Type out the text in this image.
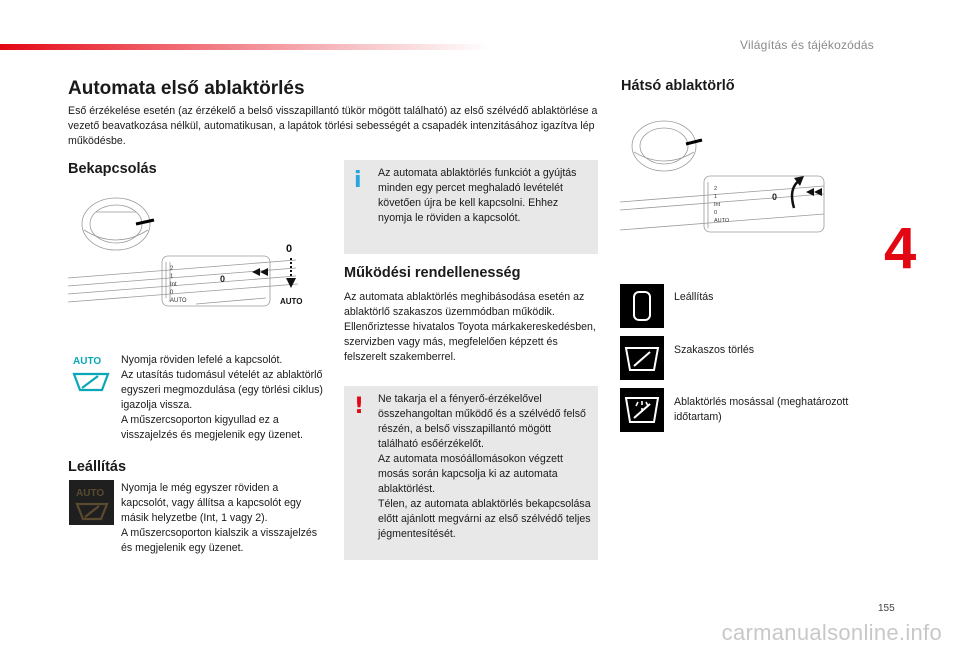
Világítás és tájékozódás
4
Automata első ablaktörlés
Eső érzékelése esetén (az érzékelő a belső visszapillantó tükör mögött található) az első szélvédő ablaktörlése a vezető beavatkozása nélkül, automatikusan, a lapátok törlési sebességét a csapadék intenzitásához igazítva lép működésbe.
Bekapcsolás
2
1
Int
0
AUTO
0
0
AUTO
AUTO Nyomja röviden lefelé a kapcsolót.
Az utasítás tudomásul vételét az ablaktörlő egyszeri megmozdulása (egy törlési ciklus) igazolja vissza.
A műszercsoporton kigyullad ez a visszajelzés és megjelenik egy üzenet.
Leállítás
AUTO Nyomja le még egyszer röviden a kapcsolót, vagy állítsa a kapcsolót egy másik helyzetbe (Int, 1 vagy 2).
A műszercsoporton kialszik a visszajelzés és megjelenik egy üzenet.
i Az automata ablaktörlés funkciót a gyújtás minden egy percet meghaladó levételét követően újra be kell kapcsolni. Ehhez nyomja le röviden a kapcsolót.
Működési rendellenesség
Az automata ablaktörlés meghibásodása esetén az ablaktörlő szakaszos üzemmódban működik.
Ellenőriztesse hivatalos Toyota márkakereskedésben, szervizben vagy más, megfelelően képzett és felszerelt szakemberrel.
! Ne takarja el a fényerő-érzékelővel összehangoltan működő és a szélvédő felső részén, a belső visszapillantó mögött található esőérzékelőt.
Az automata mosóállomásokon végzett mosás során kapcsolja ki az automata ablaktörlést.
Télen, az automata ablaktörlés bekapcsolása előtt ajánlott megvárni az első szélvédő teljes jégmentesítését.
Hátsó ablaktörlő
2
1
Int
0
AUTO
0
Leállítás
Szakaszos törlés
Ablaktörlés mosással (meghatározott időtartam)
155
carmanualsonline.info
